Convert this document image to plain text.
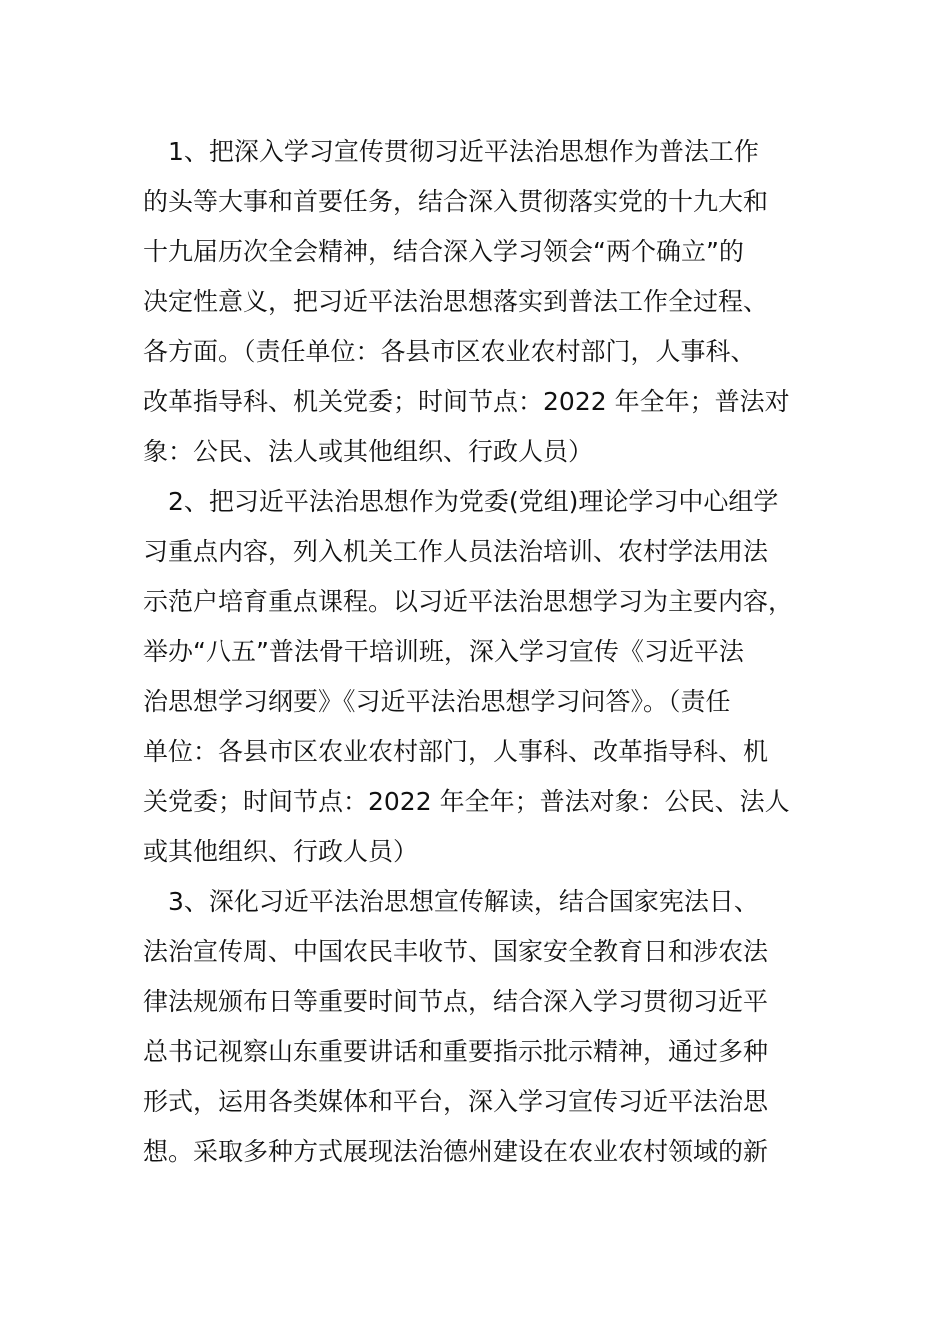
　1、把深入学习宣传贯彻习近平法治思想作为普法工作
的头等大事和首要任务，结合深入贯彻落实党的十九大和
十九届历次全会精神，结合深入学习领会“两个确立”的
决定性意义，把习近平法治思想落实到普法工作全过程、
各方面。（责任单位：各县市区农业农村部门，人事科、
改革指导科、机关党委；时间节点：2022 年全年；普法对
象：公民、法人或其他组织、行政人员）
　2、把习近平法治思想作为党委(党组)理论学习中心组学
习重点内容，列入机关工作人员法治培训、农村学法用法
示范户培育重点课程。以习近平法治思想学习为主要内容，
举办“八五”普法骨干培训班，深入学习宣传《习近平法
治思想学习纲要》《习近平法治思想学习问答》。（责任
单位：各县市区农业农村部门，人事科、改革指导科、机
关党委；时间节点：2022 年全年；普法对象：公民、法人
或其他组织、行政人员）
　3、深化习近平法治思想宣传解读，结合国家宪法日、
法治宣传周、中国农民丰收节、国家安全教育日和涉农法
律法规颁布日等重要时间节点，结合深入学习贯彻习近平
总书记视察山东重要讲话和重要指示批示精神，通过多种
形式，运用各类媒体和平台，深入学习宣传习近平法治思
想。采取多种方式展现法治德州建设在农业农村领域的新
